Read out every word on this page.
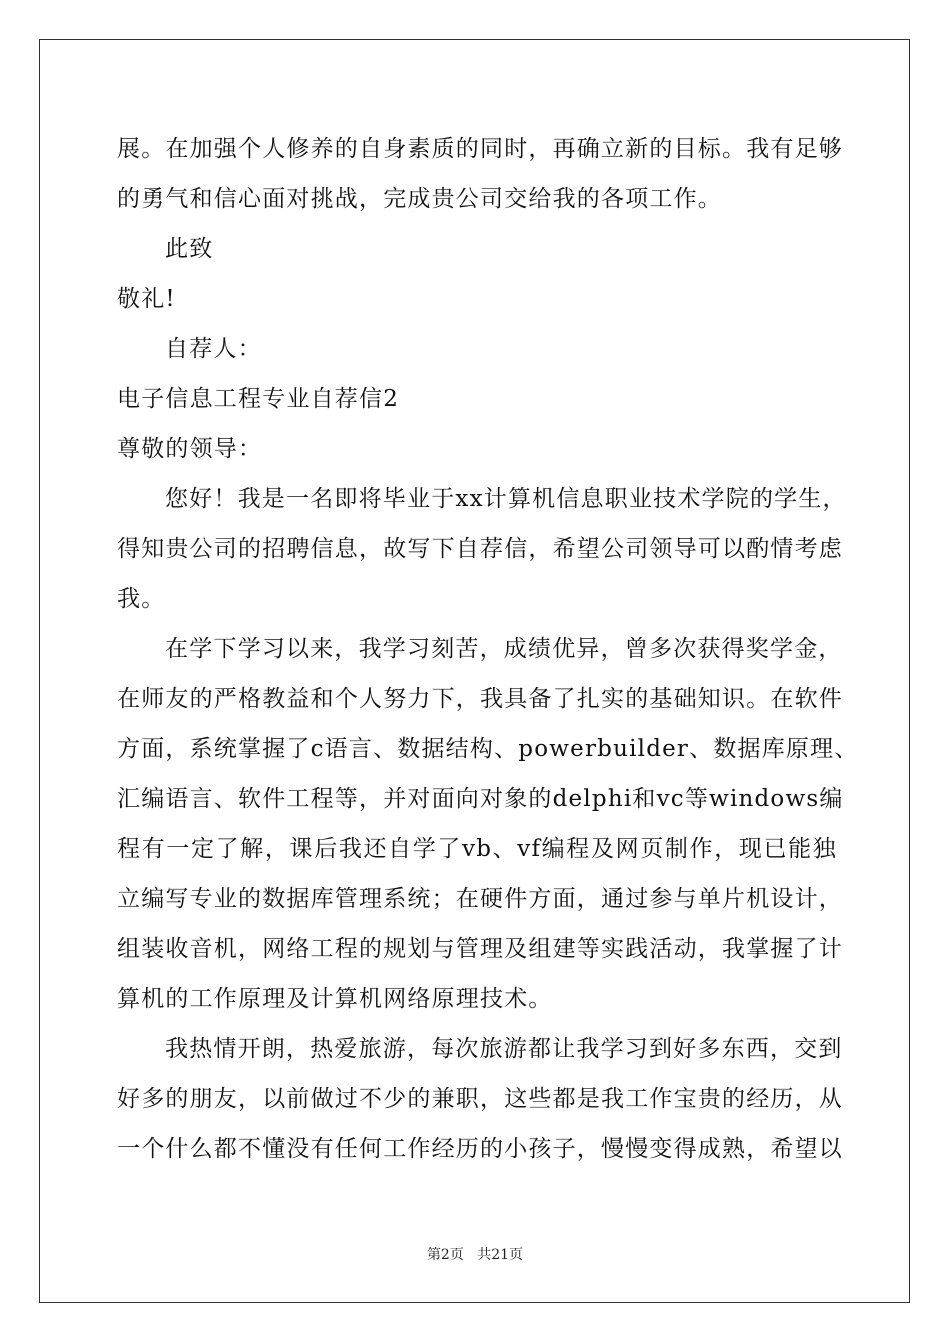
展。在加强个人修养的自身素质的同时，再确立新的目标。我有足够
的勇气和信心面对挑战，完成贵公司交给我的各项工作。
此致
敬礼!
自荐人：
电子信息工程专业自荐信2
尊敬的领导：
您好！我是一名即将毕业于xx计算机信息职业技术学院的学生，
得知贵公司的招聘信息，故写下自荐信，希望公司领导可以酌情考虑
我。
在学下学习以来，我学习刻苦，成绩优异，曾多次获得奖学金，
在师友的严格教益和个人努力下，我具备了扎实的基础知识。在软件
方面，系统掌握了c语言、数据结构、powerbuilder、数据库原理、
汇编语言、软件工程等，并对面向对象的delphi和vc等windows编
程有一定了解，课后我还自学了vb、vf编程及网页制作，现已能独
立编写专业的数据库管理系统；在硬件方面，通过参与单片机设计，
组装收音机，网络工程的规划与管理及组建等实践活动，我掌握了计
算机的工作原理及计算机网络原理技术。
我热情开朗，热爱旅游，每次旅游都让我学习到好多东西，交到
好多的朋友，以前做过不少的兼职，这些都是我工作宝贵的经历，从
一个什么都不懂没有任何工作经历的小孩子，慢慢变得成熟，希望以
第2页 共21页
